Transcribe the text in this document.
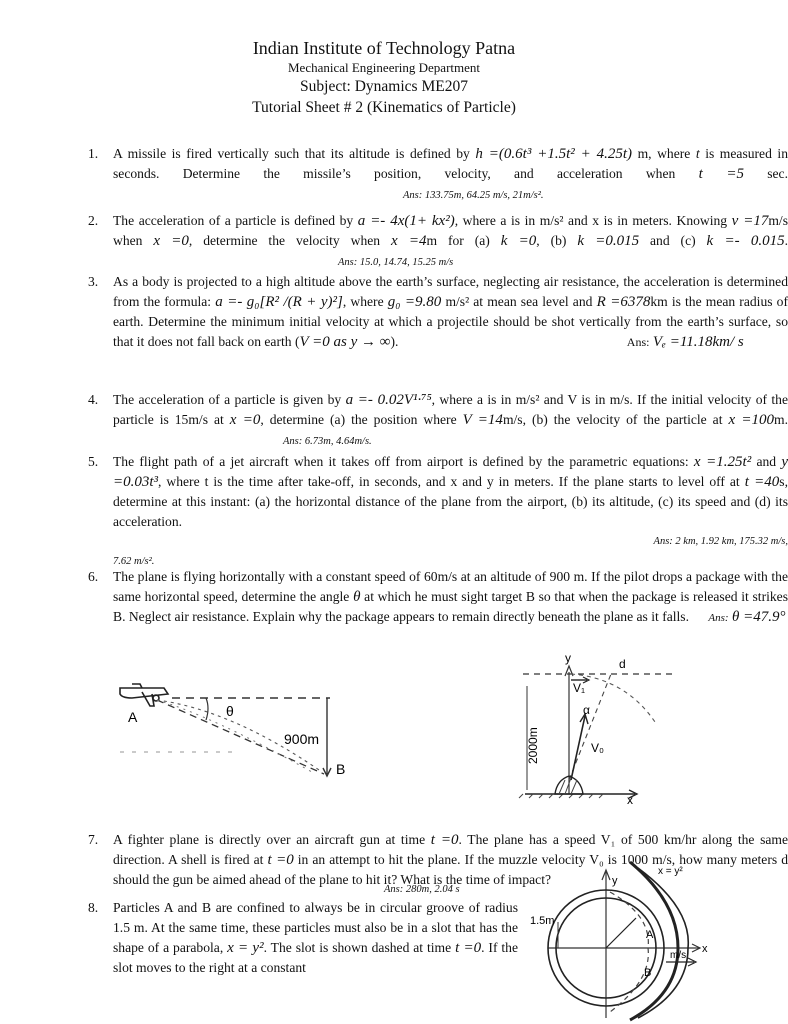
Indian Institute of Technology Patna
Mechanical Engineering Department
Subject: Dynamics ME207
Tutorial Sheet # 2 (Kinematics of Particle)
1.	A missile is fired vertically such that its altitude is defined by h =(0.6t³ +1.5t² + 4.25t) m, where t is measured in seconds. Determine the missile’s position, velocity, and acceleration when t =5 sec. Ans: 133.75m, 64.25 m/s, 21m/s².
2.	The acceleration of a particle is defined by a =- 4x(1+ kx²), where a is in m/s² and x is in meters. Knowing v =17m/s when x =0, determine the velocity when x =4m for (a) k =0, (b) k =0.015 and (c) k =- 0.015. Ans: 15.0, 14.74, 15.25 m/s
3.	As a body is projected to a high altitude above the earth’s surface, neglecting air resistance, the acceleration is determined from the formula: a =- g₀[R² /(R + y)²], where g₀ =9.80 m/s² at mean sea level and R =6378km is the mean radius of earth. Determine the minimum initial velocity at which a projectile should be shot vertically from the earth’s surface, so that it does not fall back on earth (V =0 as y → ∞).	Ans: Vₑ =11.18km/ s
4.	The acceleration of a particle is given by a =- 0.02V¹·⁷⁵, where a is in m/s² and V is in m/s. If the initial velocity of the particle is 15m/s at x =0, determine (a) the position where V =14m/s, (b) the velocity of the particle at x =100m. Ans: 6.73m, 4.64m/s.
5.	The flight path of a jet aircraft when it takes off from airport is defined by the parametric equations: x =1.25t² and y =0.03t³, where t is the time after take-off, in seconds, and x and y in meters. If the plane starts to level off at t =40s, determine at this instant: (a) the horizontal distance of the plane from the airport, (b) its altitude, (c) its speed and (d) its acceleration.
Ans: 2 km, 1.92 km, 175.32 m/s,
7.62 m/s².
6.	The plane is flying horizontally with a constant speed of 60m/s at an altitude of 900 m. If the pilot drops a package with the same horizontal speed, determine the angle θ at which he must sight target B so that when the package is released it strikes B. Neglect air resistance. Explain why the package appears to remain directly beneath the plane as it falls. Ans: θ =47.9°
A	θ
900m
B
y	d
V₁
α
V₀
x
2000m
7.	A fighter plane is directly over an aircraft gun at time t =0. The plane has a speed V₁ of 500 km/hr along the same direction. A shell is fired at t =0 in an attempt to hit the plane. If the muzzle velocity V₀ is 1000 m/s, how many meters d should the gun be aimed ahead of the plane to hit it? What is the time of impact?
Ans: 280m, 2.04 s
8.	Particles A and B are confined to always be in circular groove of radius 1.5 m. At the same time, these particles must also be in a slot that has the shape of a parabola, x = y². The slot is shown dashed at time t =0. If the slot moves to the right at a constant
y
x = y²
1.5m
A
B
x
m/s
